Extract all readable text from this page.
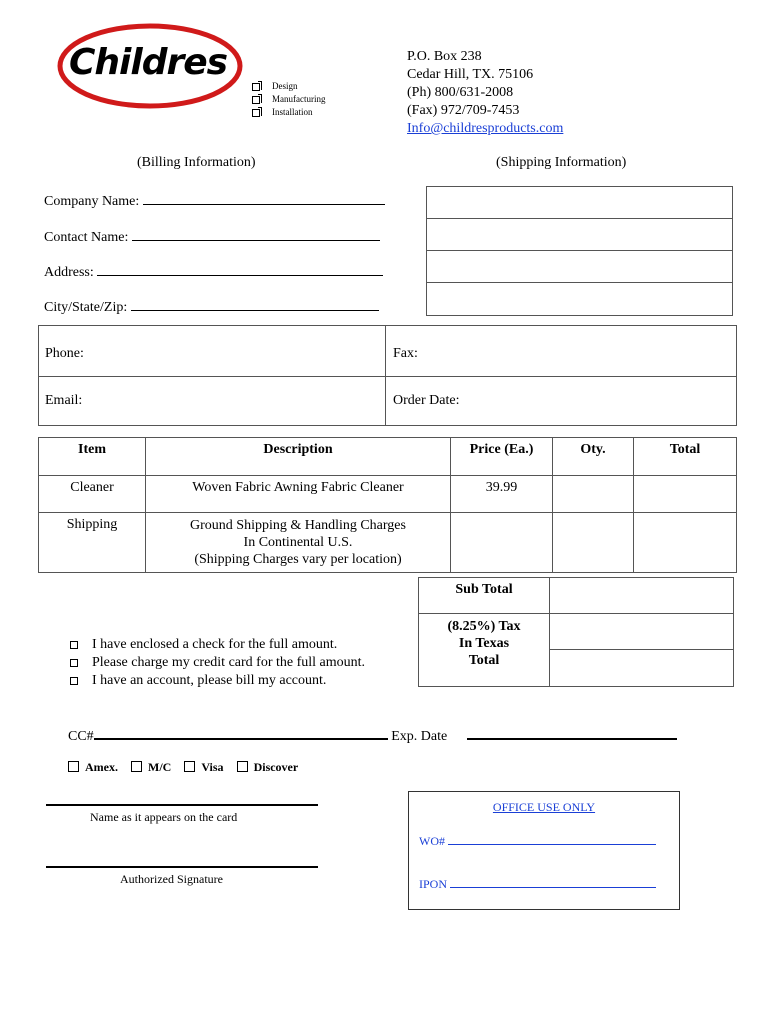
Childres
Design
Manufacturing
Installation
P.O. Box 238
Cedar Hill, TX. 75106
(Ph) 800/631-2008
(Fax) 972/709-7453
Info@childresproducts.com
(Billing Information)	(Shipping Information)
Company Name:
Contact Name:
Address:
City/State/Zip:
Phone:	Fax:
Email:	Order Date:
Item	Description	Price (Ea.)	Oty.	Total
Cleaner	Woven Fabric Awning Fabric Cleaner	39.99		
Shipping	Ground Shipping & Handling Charges
In Continental U.S.
(Shipping Charges vary per location)			

Sub Total
(8.25%) Tax
In Texas
Total
I have enclosed a check for the full amount.
Please charge my credit card for the full amount.
I have an account, please bill my account.
CC#	Exp. Date
Amex.	M/C	Visa	Discover
Name as it appears on the card
Authorized Signature
OFFICE USE ONLY
WO#
IPON
